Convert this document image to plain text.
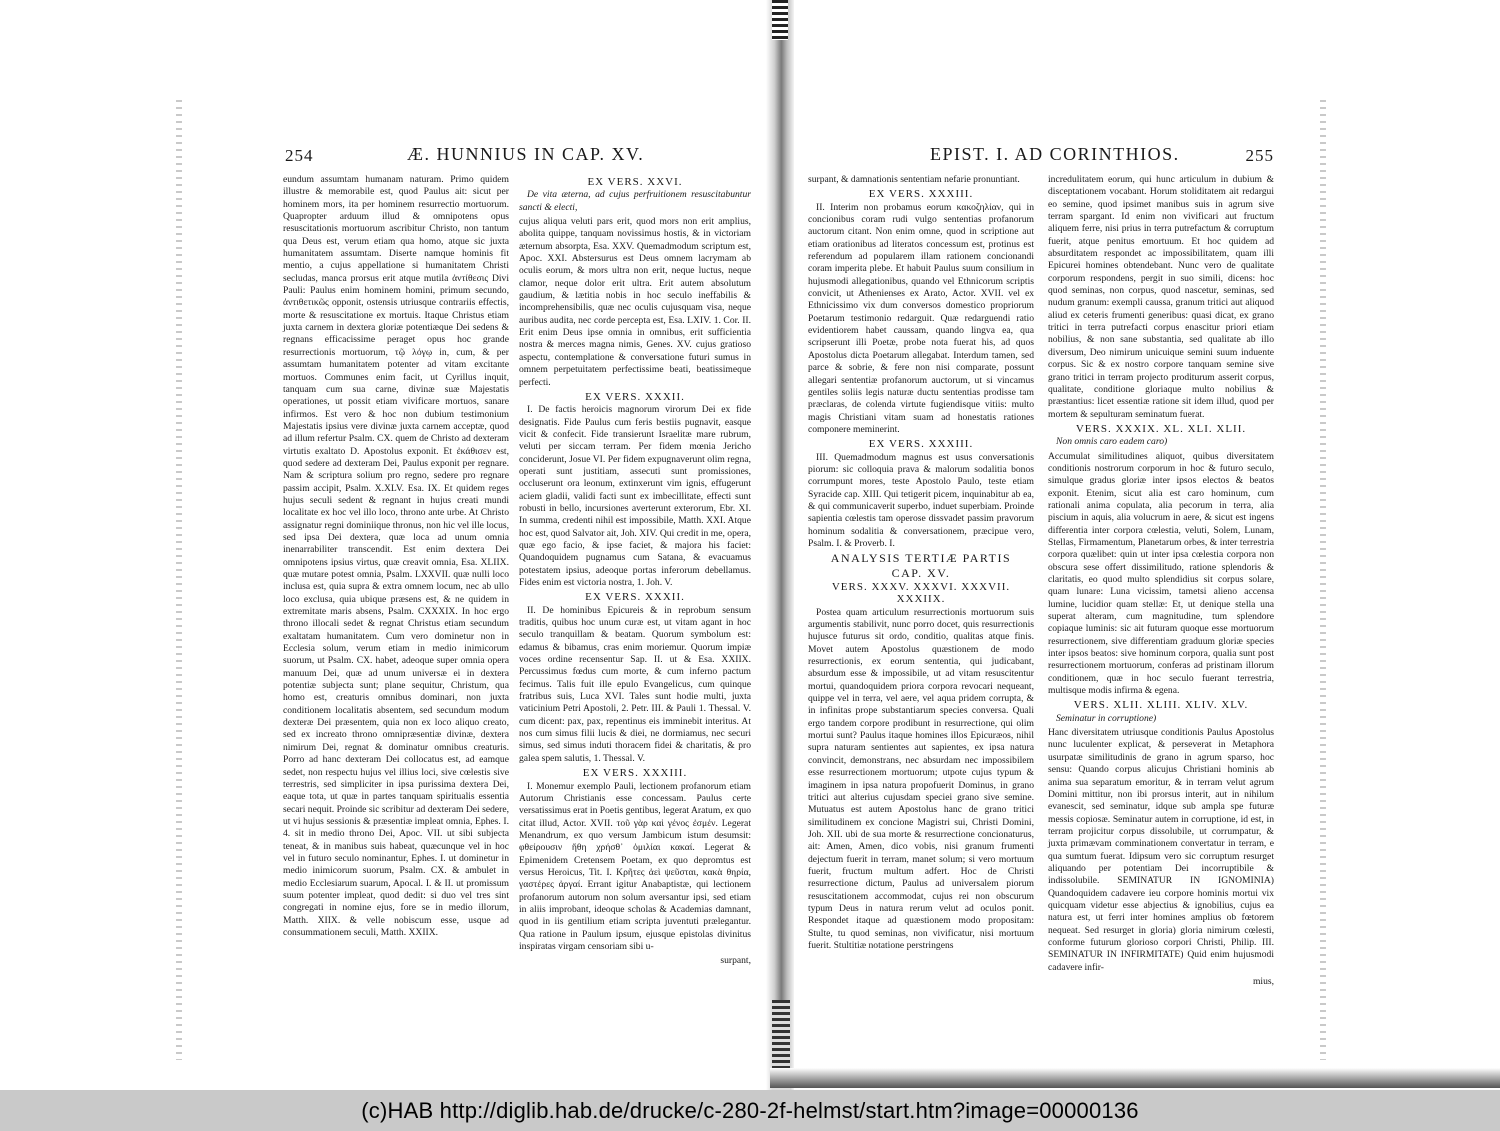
254	Æ. HUNNIUS IN CAP. XV.

eundum assumtam humanam naturam. Primo quidem illustre & memorabile est, quod Paulus ait: sicut per hominem mors, ita per hominem resurrectio mortuorum. Quapropter arduum illud & omnipotens opus resuscitationis mortuorum ascribitur Christo, non tantum qua Deus est, verum etiam qua homo, atque sic juxta humanitatem assumtam. Diserte namque hominis fit mentio, a cujus appellatione si humanitatem Christi secludas, manca prorsus erit atque mutila ἀντίθεσις Divi Pauli: Paulus enim hominem homini, primum secundo, ἀντιθετικῶς opponit, ostensis utriusque contrariis effectis, morte & resuscitatione ex mortuis. Itaque Christus etiam juxta carnem in dextera gloriæ potentiæque Dei sedens & regnans efficacissime peraget opus hoc grande resurrectionis mortuorum, τῷ λόγῳ in, cum, & per assumtam humanitatem potenter ad vitam excitante mortuos. Communes enim facit, ut Cyrillus inquit, tanquam cum sua carne, divinæ suæ Majestatis operationes, ut possit etiam vivificare mortuos, sanare infirmos. Est vero & hoc non dubium testimonium Majestatis ipsius vere divinæ juxta carnem acceptæ, quod ad illum refertur Psalm. CX. quem de Christo ad dexteram virtutis exaltato D. Apostolus exponit. Et ἐκάθισεν est, quod sedere ad dexteram Dei, Paulus exponit per regnare. Nam & scriptura solium pro regno, sedere pro regnare passim accipit, Psalm. X.XLV. Esa. IX. Et quidem reges hujus seculi sedent & regnant in hujus creati mundi localitate ex hoc vel illo loco, throno ante urbe. At Christo assignatur regni dominiique thronus, non hic vel ille locus, sed ipsa Dei dextera, quæ loca ad unum omnia inenarrabiliter transcendit. Est enim dextera Dei omnipotens ipsius virtus, quæ creavit omnia, Esa. XLIIX. quæ mutare potest omnia, Psalm. LXXVII. quæ nulli loco inclusa est, quia supra & extra omnem locum, nec ab ullo loco exclusa, quia ubique præsens est, & ne quidem in extremitate maris absens, Psalm. CXXXIX. In hoc ergo throno illocali sedet & regnat Christus etiam secundum exaltatam humanitatem. Cum vero dominetur non in Ecclesia solum, verum etiam in medio inimicorum suorum, ut Psalm. CX. habet, adeoque super omnia opera manuum Dei, quæ ad unum universæ ei in dextera potentiæ subjecta sunt; plane sequitur, Christum, qua homo est, creaturis omnibus dominari, non juxta conditionem localitatis absentem, sed secundum modum dexteræ Dei præsentem, quia non ex loco aliquo creato, sed ex increato throno omnipræsentiæ divinæ, dextera nimirum Dei, regnat & dominatur omnibus creaturis. Porro ad hanc dexteram Dei collocatus est, ad eamque sedet, non respectu hujus vel illius loci, sive cœlestis sive terrestris, sed simpliciter in ipsa purissima dextera Dei, eaque tota, ut quæ in partes tanquam spiritualis essentia secari nequit. Proinde sic scribitur ad dexteram Dei sedere, ut vi hujus sessionis & præsentiæ impleat omnia, Ephes. I. 4. sit in medio throno Dei, Apoc. VII. ut sibi subjecta teneat, & in manibus suis habeat, quæcunque vel in hoc vel in futuro seculo nominantur, Ephes. I. ut dominetur in medio inimicorum suorum, Psalm. CX. & ambulet in medio Ecclesiarum suarum, Apocal. I. & II. ut promissum suum potenter impleat, quod dedit: si duo vel tres sint congregati in nomine ejus, fore se in medio illorum, Matth. XIIX. & velle nobiscum esse, usque ad consummationem seculi, Matth. XXIIX.

EX VERS. XXVI.

De vita æterna, ad cujus perfruitionem resuscitabuntur sancti & electi,

cujus aliqua veluti pars erit, quod mors non erit amplius, abolita quippe, tanquam novissimus hostis, & in victoriam æternum absorpta, Esa. XXV. Quemadmodum scriptum est, Apoc. XXI. Abstersurus est Deus omnem lacrymam ab oculis eorum, & mors ultra non erit, neque luctus, neque clamor, neque dolor erit ultra. Erit autem absolutum gaudium, & lætitia nobis in hoc seculo ineffabilis & incomprehensibilis, quæ nec oculis cujusquam visa, neque auribus audita, nec corde percepta est, Esa. LXIV. 1. Cor. II. Erit enim Deus ipse omnia in omnibus, erit sufficientia nostra & merces magna nimis, Genes. XV. cujus gratioso aspectu, contemplatione & conversatione futuri sumus in omnem perpetuitatem perfectissime beati, beatissimeque perfecti.

EX VERS. XXXII.

I. De factis heroicis magnorum virorum Dei ex fide designatis. Fide Paulus cum feris bestiis pugnavit, easque vicit & confecit. Fide transierunt Israelitæ mare rubrum, veluti per siccam terram. Per fidem mœnia Jericho conciderunt, Josue VI. Per fidem expugnaverunt olim regna, operati sunt justitiam, assecuti sunt promissiones, occluserunt ora leonum, extinxerunt vim ignis, effugerunt aciem gladii, validi facti sunt ex imbecillitate, effecti sunt robusti in bello, incursiones averterunt exterorum, Ebr. XI. In summa, credenti nihil est impossibile, Matth. XXI. Atque hoc est, quod Salvator ait, Joh. XIV. Qui credit in me, opera, quæ ego facio, & ipse faciet, & majora his faciet: Quandoquidem pugnamus cum Satana, & evacuamus potestatem ipsius, adeoque portas inferorum debellamus. Fides enim est victoria nostra, 1. Joh. V.

EX VERS. XXXII.

II. De hominibus Epicureis & in reprobum sensum traditis, quibus hoc unum curæ est, ut vitam agant in hoc seculo tranquillam & beatam. Quorum symbolum est: edamus & bibamus, cras enim moriemur. Quorum impiæ voces ordine recensentur Sap. II. ut & Esa. XXIIX. Percussimus fœdus cum morte, & cum inferno pactum fecimus. Talis fuit ille epulo Evangelicus, cum quinque fratribus suis, Luca XVI. Tales sunt hodie multi, juxta vaticinium Petri Apostoli, 2. Petr. III. & Pauli 1. Thessal. V. cum dicent: pax, pax, repentinus eis imminebit interitus. At nos cum simus filii lucis & diei, ne dormiamus, nec securi simus, sed simus induti thoracem fidei & charitatis, & pro galea spem salutis, 1. Thessal. V.

EX VERS. XXXIII.

I. Monemur exemplo Pauli, lectionem profanorum etiam Autorum Christianis esse concessam. Paulus certe versatissimus erat in Poetis gentibus, legerat Aratum, ex quo citat illud, Actor. XVII. τοῦ γὰρ καὶ γένος ἐσμέν. Legerat Menandrum, ex quo versum Jambicum istum desumsit: φθείρουσιν ἤθη χρήσθ᾽ ὁμιλίαι κακαί. Legerat & Epimenidem Cretensem Poetam, ex quo depromtus est versus Heroicus, Tit. I. Κρῆτες ἀεὶ ψεῦσται, κακὰ θηρία, γαστέρες ἀργαί. Errant igitur Anabaptistæ, qui lectionem profanorum autorum non solum aversantur ipsi, sed etiam in aliis improbant, ideoque scholas & Academias damnant, quod in iis gentilium etiam scripta juventuti prælegantur. Qua ratione in Paulum ipsum, ejusque epistolas divinitus inspiratas virgam censoriam sibi u-

surpant,
EPIST. I. AD CORINTHIOS.	255

surpant, & damnationis sententiam nefarie pronuntiant.

EX VERS. XXXIII.

II. Interim non probamus eorum κακοζηλίαν, qui in concionibus coram rudi vulgo sententias profanorum auctorum citant. Non enim omne, quod in scriptione aut etiam orationibus ad literatos concessum est, protinus est referendum ad popularem illam rationem concionandi coram imperita plebe. Et habuit Paulus suum consilium in hujusmodi allegationibus, quando vel Ethnicorum scriptis convicit, ut Athenienses ex Arato, Actor. XVII. vel ex Ethnicissimo vix dum conversos domestico propriorum Poetarum testimonio redarguit. Quæ redarguendi ratio evidentiorem habet caussam, quando lingva ea, qua scripserunt illi Poetæ, probe nota fuerat his, ad quos Apostolus dicta Poetarum allegabat. Interdum tamen, sed parce & sobrie, & fere non nisi comparate, possunt allegari sententiæ profanorum auctorum, ut si vincamus gentiles soliis legis naturæ ductu sententias prodisse tam præclaras, de colenda virtute fugiendisque vitiis: multo magis Christiani vitam suam ad honestatis rationes componere meminerint.

EX VERS. XXXIII.

III. Quemadmodum magnus est usus conversationis piorum: sic colloquia prava & malorum sodalitia bonos corrumpunt mores, teste Apostolo Paulo, teste etiam Syracide cap. XIII. Qui tetigerit picem, inquinabitur ab ea, & qui communicaverit superbo, induet superbiam. Proinde sapientia cœlestis tam operose dissvadet passim pravorum hominum sodalitia & conversationem, præcipue vero, Psalm. I. & Proverb. I.

ANALYSIS TERTIÆ PARTIS
CAP. XV.
VERS. XXXV. XXXVI. XXXVII. XXXIIX.

Postea quam articulum resurrectionis mortuorum suis argumentis stabilivit, nunc porro docet, quis resurrectionis hujusce futurus sit ordo, conditio, qualitas atque finis. Movet autem Apostolus quæstionem de modo resurrectionis, ex eorum sententia, qui judicabant, absurdum esse & impossibile, ut ad vitam resuscitentur mortui, quandoquidem priora corpora revocari nequeant, quippe vel in terra, vel aere, vel aqua pridem corrupta, & in infinitas prope substantiarum species conversa. Quali ergo tandem corpore prodibunt in resurrectione, qui olim mortui sunt? Paulus itaque homines illos Epicuræos, nihil supra naturam sentientes aut sapientes, ex ipsa natura convincit, demonstrans, nec absurdam nec impossibilem esse resurrectionem mortuorum; utpote cujus typum & imaginem in ipsa natura propofuerit Dominus, in grano tritici aut alterius cujusdam speciei grano sive semine. Mutuatus est autem Apostolus hanc de grano tritici similitudinem ex concione Magistri sui, Christi Domini, Joh. XII. ubi de sua morte & resurrectione concionaturus, ait: Amen, Amen, dico vobis, nisi granum frumenti dejectum fuerit in terram, manet solum; si vero mortuum fuerit, fructum multum adfert. Hoc de Christi resurrectione dictum, Paulus ad universalem piorum resuscitationem accommodat, cujus rei non obscurum typum Deus in natura rerum velut ad oculos ponit. Respondet itaque ad quæstionem modo propositam: Stulte, tu quod seminas, non vivificatur, nisi mortuum fuerit. Stultitiæ notatione perstringens

incredulitatem eorum, qui hunc articulum in dubium & disceptationem vocabant. Horum stoliditatem ait redargui eo semine, quod ipsimet manibus suis in agrum sive terram spargant. Id enim non vivificari aut fructum aliquem ferre, nisi prius in terra putrefactum & corruptum fuerit, atque penitus emortuum. Et hoc quidem ad absurditatem respondet ac impossibilitatem, quam illi Epicurei homines obtendebant. Nunc vero de qualitate corporum respondens, pergit in suo simili, dicens: hoc quod seminas, non corpus, quod nascetur, seminas, sed nudum granum: exempli caussa, granum tritici aut aliquod aliud ex ceteris frumenti generibus: quasi dicat, ex grano tritici in terra putrefacti corpus enascitur priori etiam nobilius, & non sane substantia, sed qualitate ab illo diversum, Deo nimirum unicuique semini suum induente corpus. Sic & ex nostro corpore tanquam semine sive grano tritici in terram projecto proditurum asserit corpus, qualitate, conditione gloriaque multo nobilius & præstantius: licet essentiæ ratione sit idem illud, quod per mortem & sepulturam seminatum fuerat.

VERS. XXXIX. XL. XLI. XLII.

Non omnis caro eadem caro)

Accumulat similitudines aliquot, quibus diversitatem conditionis nostrorum corporum in hoc & futuro seculo, simulque gradus gloriæ inter ipsos electos & beatos exponit. Etenim, sicut alia est caro hominum, cum rationali anima copulata, alia pecorum in terra, alia piscium in aquis, alia volucrum in aere, & sicut est ingens differentia inter corpora cœlestia, veluti, Solem, Lunam, Stellas, Firmamentum, Planetarum orbes, & inter terrestria corpora quælibet: quin ut inter ipsa cœlestia corpora non obscura sese offert dissimilitudo, ratione splendoris & claritatis, eo quod multo splendidius sit corpus solare, quam lunare: Luna vicissim, tametsi alieno accensa lumine, lucidior quam stellæ: Et, ut denique stella una superat alteram, cum magnitudine, tum splendore copiaque luminis: sic ait futuram quoque esse mortuorum resurrectionem, sive differentiam graduum gloriæ species inter ipsos beatos: sive hominum corpora, qualia sunt post resurrectionem mortuorum, conferas ad pristinam illorum conditionem, quæ in hoc seculo fuerant terrestria, multisque modis infirma & egena.

VERS. XLII. XLIII. XLIV. XLV.

Seminatur in corruptione)

Hanc diversitatem utriusque conditionis Paulus Apostolus nunc luculenter explicat, & perseverat in Metaphora usurpatæ similitudinis de grano in agrum sparso, hoc sensu: Quando corpus alicujus Christiani hominis ab anima sua separatum emoritur, & in terram velut agrum Domini mittitur, non ibi prorsus interit, aut in nihilum evanescit, sed seminatur, idque sub ampla spe futuræ messis copiosæ. Seminatur autem in corruptione, id est, in terram projicitur corpus dissolubile, ut corrumpatur, & juxta primævam comminationem convertatur in terram, e qua sumtum fuerat. Idipsum vero sic corruptum resurget aliquando per potentiam Dei incorruptibile & indissolubile. SEMINATUR IN IGNOMINIA) Quandoquidem cadavere ieu corpore hominis mortui vix quicquam videtur esse abjectius & ignobilius, cujus ea natura est, ut ferri inter homines amplius ob fœtorem nequeat. Sed resurget in gloria) gloria nimirum cœlesti, conforme futurum glorioso corpori Christi, Philip. III. SEMINATUR IN INFIRMITATE) Quid enim hujusmodi cadavere infir-

mius,
(c)HAB http://diglib.hab.de/drucke/c-280-2f-helmst/start.htm?image=00000136
